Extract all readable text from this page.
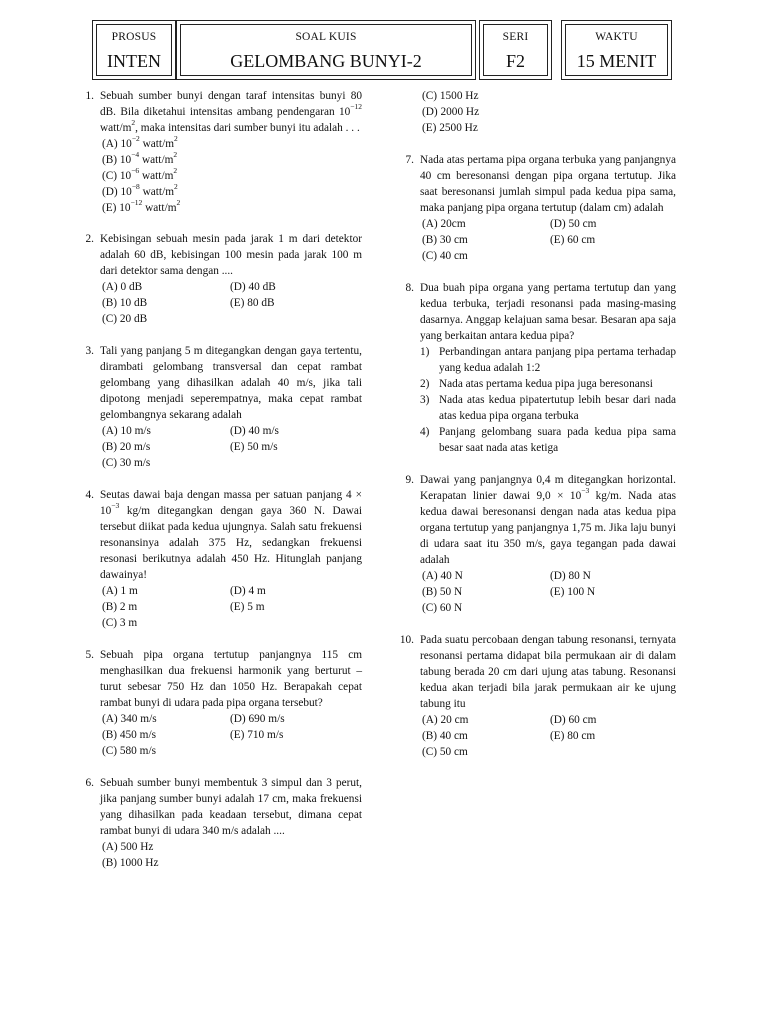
PROSUS
INTEN
SOAL KUIS
GELOMBANG BUNYI-2
SERI
F2
WAKTU
15 MENIT
1. Sebuah sumber bunyi dengan taraf intensitas bunyi 80 dB. Bila diketahui intensitas ambang pendengaran $10^{-12}$ watt/$m^2$, maka intensitas dari sumber bunyi itu adalah . . .
(A) $10^{-2}$ watt/$m^2$
(B) $10^{-4}$ watt/$m^2$
(C) $10^{-6}$ watt/$m^2$
(D) $10^{-8}$ watt/$m^2$
(E) $10^{-12}$ watt/$m^2$
2. Kebisingan sebuah mesin pada jarak 1 m dari detektor adalah 60 dB, kebisingan 100 mesin pada jarak 100 m dari detektor sama dengan ....
(A) 0 dB	(D) 40 dB
(B) 10 dB	(E) 80 dB
(C) 20 dB
3. Tali yang panjang 5 m ditegangkan dengan gaya tertentu, dirambati gelombang transversal dan cepat rambat gelombang yang dihasilkan adalah 40 m/s, jika tali dipotong menjadi seperempatnya, maka cepat rambat gelombangnya sekarang adalah
(A) 10 m/s	(D) 40 m/s
(B) 20 m/s	(E) 50 m/s
(C) 30 m/s
4. Seutas dawai baja dengan massa per satuan panjang $4 \times 10^{-3}$ kg/m ditegangkan dengan gaya 360 N. Dawai tersebut diikat pada kedua ujungnya. Salah satu frekuensi resonansinya adalah 375 Hz, sedangkan frekuensi resonasi berikutnya adalah 450 Hz. Hitunglah panjang dawainya!
(A) 1 m	(D) 4 m
(B) 2 m	(E) 5 m
(C) 3 m
5. Sebuah pipa organa tertutup panjangnya 115 cm menghasilkan dua frekuensi harmonik yang berturut – turut sebesar 750 Hz dan 1050 Hz. Berapakah cepat rambat bunyi di udara pada pipa organa tersebut?
(A) 340 m/s	(D) 690 m/s
(B) 450 m/s	(E) 710 m/s
(C) 580 m/s
6. Sebuah sumber bunyi membentuk 3 simpul dan 3 perut, jika panjang sumber bunyi adalah 17 cm, maka frekuensi yang dihasilkan pada keadaan tersebut, dimana cepat rambat bunyi di udara 340 m/s adalah ....
(A) 500 Hz
(B) 1000 Hz
(C) 1500 Hz
(D) 2000 Hz
(E) 2500 Hz
7. Nada atas pertama pipa organa terbuka yang panjangnya 40 cm beresonansi dengan pipa organa tertutup. Jika saat beresonansi jumlah simpul pada kedua pipa sama, maka panjang pipa organa tertutup (dalam cm) adalah
(A) 20cm	(D) 50 cm
(B) 30 cm	(E) 60 cm
(C) 40 cm
8. Dua buah pipa organa yang pertama tertutup dan yang kedua terbuka, terjadi resonansi pada masing-masing dasarnya. Anggap kelajuan sama besar. Besaran apa saja yang berkaitan antara kedua pipa?
1) Perbandingan antara panjang pipa pertama terhadap yang kedua adalah 1:2
2) Nada atas pertama kedua pipa juga beresonansi
3) Nada atas kedua pipatertutup lebih besar dari nada atas kedua pipa organa terbuka
4) Panjang gelombang suara pada kedua pipa sama besar saat nada atas ketiga
9. Dawai yang panjangnya 0,4 m ditegangkan horizontal. Kerapatan linier dawai $9,0 \times 10^{-3}$ kg/m. Nada atas kedua dawai beresonansi dengan nada atas kedua pipa organa tertutup yang panjangnya 1,75 m. Jika laju bunyi di udara saat itu 350 m/s, gaya tegangan pada dawai adalah
(A) 40 N	(D) 80 N
(B) 50 N	(E) 100 N
(C) 60 N
10. Pada suatu percobaan dengan tabung resonansi, ternyata resonansi pertama didapat bila permukaan air di dalam tabung berada 20 cm dari ujung atas tabung. Resonansi kedua akan terjadi bila jarak permukaan air ke ujung tabung itu
(A) 20 cm	(D) 60 cm
(B) 40 cm	(E) 80 cm
(C) 50 cm
